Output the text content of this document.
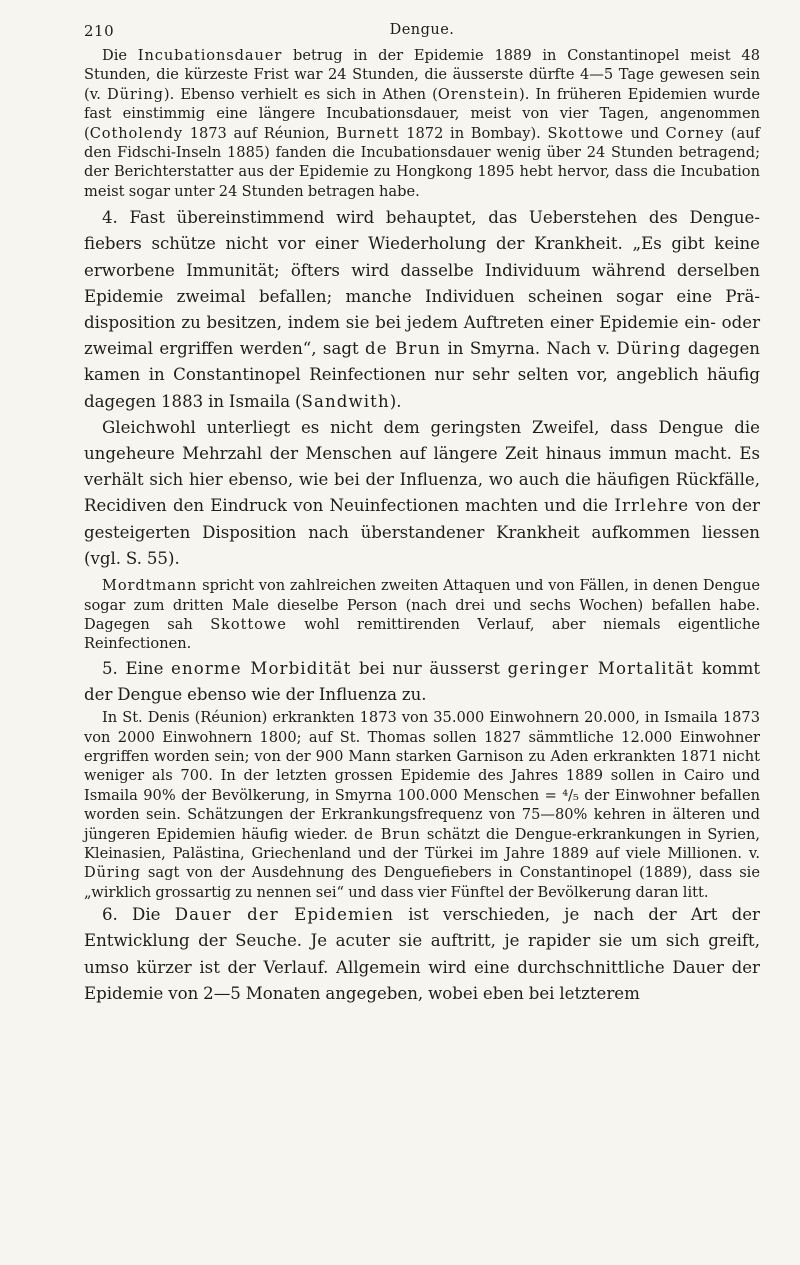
210	Dengue.

Die Incubationsdauer betrug in der Epidemie 1889 in Constantinopel meist 48 Stunden, die kürzeste Frist war 24 Stunden, die äusserste dürfte 4—5 Tage gewesen sein (v. Düring). Ebenso verhielt es sich in Athen (Orenstein). In früheren Epidemien wurde fast einstimmig eine längere Incubationsdauer, meist von vier Tagen, angenommen (Cotholendy 1873 auf Réunion, Burnett 1872 in Bombay). Skottowe und Corney (auf den Fidschi-Inseln 1885) fanden die Incubationsdauer wenig über 24 Stunden betragend; der Berichterstatter aus der Epidemie zu Hongkong 1895 hebt hervor, dass die Incubation meist sogar unter 24 Stunden betragen habe.

4. Fast übereinstimmend wird behauptet, das Ueberstehen des Dengue-fiebers schütze nicht vor einer Wiederholung der Krankheit. „Es gibt keine erworbene Immunität; öfters wird dasselbe Individuum während derselben Epidemie zweimal befallen; manche Individuen scheinen sogar eine Prä-disposition zu besitzen, indem sie bei jedem Auftreten einer Epidemie ein- oder zweimal ergriffen werden“, sagt de Brun in Smyrna. Nach v. Düring dagegen kamen in Constantinopel Reinfectionen nur sehr selten vor, angeblich häufig dagegen 1883 in Ismaila (Sandwith).

Gleichwohl unterliegt es nicht dem geringsten Zweifel, dass Dengue die ungeheure Mehrzahl der Menschen auf längere Zeit hinaus immun macht. Es verhält sich hier ebenso, wie bei der Influenza, wo auch die häufigen Rückfälle, Recidiven den Eindruck von Neuinfectionen machten und die Irrlehre von der gesteigerten Disposition nach überstandener Krankheit aufkommen liessen (vgl. S. 55).

Mordtmann spricht von zahlreichen zweiten Attaquen und von Fällen, in denen Dengue sogar zum dritten Male dieselbe Person (nach drei und sechs Wochen) befallen habe. Dagegen sah Skottowe wohl remittirenden Verlauf, aber niemals eigentliche Reinfectionen.

5. Eine enorme Morbidität bei nur äusserst geringer Mortalität kommt der Dengue ebenso wie der Influenza zu.

In St. Denis (Réunion) erkrankten 1873 von 35.000 Einwohnern 20.000, in Ismaila 1873 von 2000 Einwohnern 1800; auf St. Thomas sollen 1827 sämmtliche 12.000 Einwohner ergriffen worden sein; von der 900 Mann starken Garnison zu Aden erkrankten 1871 nicht weniger als 700. In der letzten grossen Epidemie des Jahres 1889 sollen in Cairo und Ismaila 90% der Bevölkerung, in Smyrna 100.000 Menschen = ⁴/₅ der Einwohner befallen worden sein. Schätzungen der Erkrankungsfrequenz von 75—80% kehren in älteren und jüngeren Epidemien häufig wieder. de Brun schätzt die Dengue-erkrankungen in Syrien, Kleinasien, Palästina, Griechenland und der Türkei im Jahre 1889 auf viele Millionen. v. Düring sagt von der Ausdehnung des Denguefiebers in Constantinopel (1889), dass sie „wirklich grossartig zu nennen sei“ und dass vier Fünftel der Bevölkerung daran litt.

6. Die Dauer der Epidemien ist verschieden, je nach der Art der Entwicklung der Seuche. Je acuter sie auftritt, je rapider sie um sich greift, umso kürzer ist der Verlauf. Allgemein wird eine durchschnittliche Dauer der Epidemie von 2—5 Monaten angegeben, wobei eben bei letzterem
